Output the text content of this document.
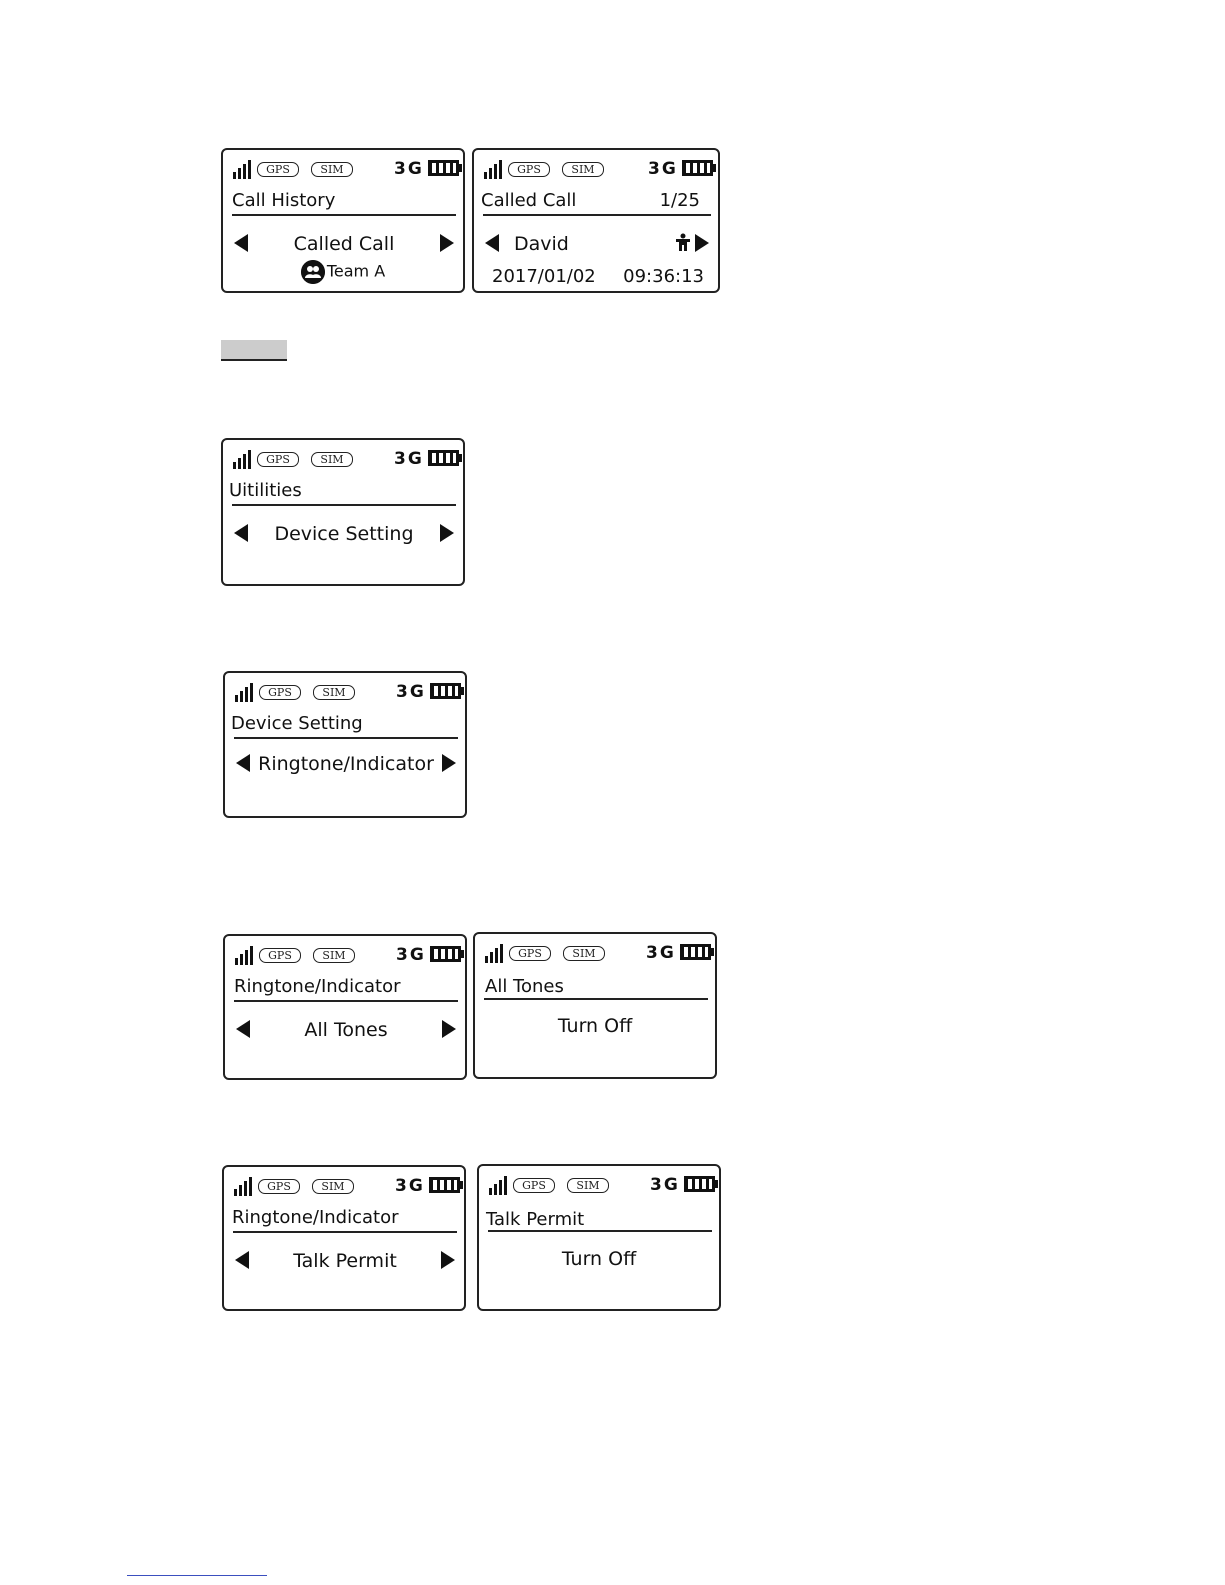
GPS	SIM	3G
Call History
Called Call
Team A
GPS	SIM	3G
Called Call	1/25
David
2017/01/02 09:36:13
GPS	SIM	3G
Uitilities
Device Setting
GPS	SIM	3G
Device Setting
Ringtone/Indicator
GPS	SIM	3G
Ringtone/Indicator
All Tones
GPS	SIM	3G
All Tones
Turn Off
GPS	SIM	3G
Ringtone/Indicator
Talk Permit
GPS	SIM	3G
Talk Permit
Turn Off
